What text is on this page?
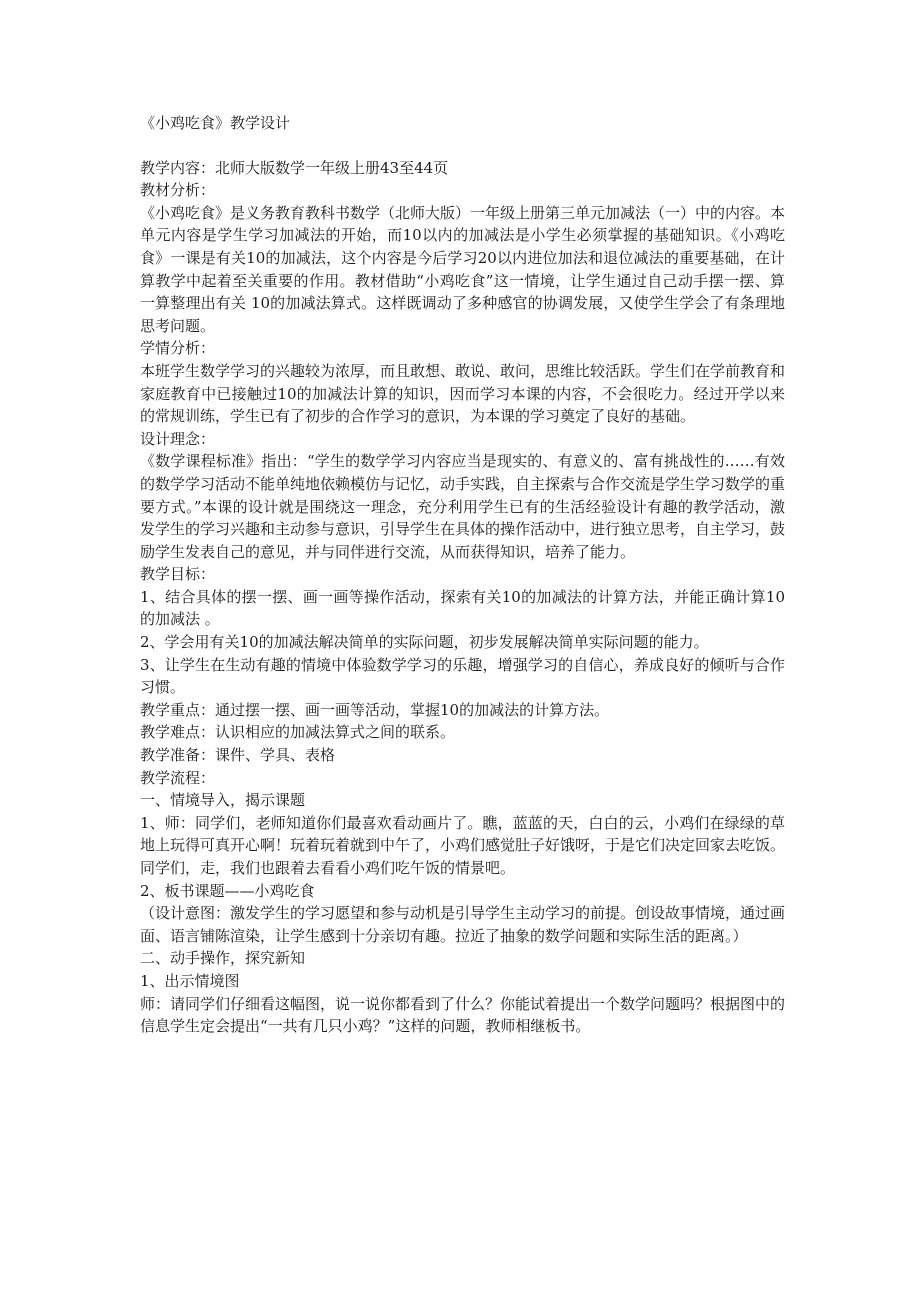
《小鸡吃食》教学设计

教学内容：北师大版数学一年级上册43至44页

教材分析：

《小鸡吃食》是义务教育教科书数学（北师大版）一年级上册第三单元加减法（一）中的内容。本单元内容是学生学习加减法的开始，而10以内的加减法是小学生必须掌握的基础知识。《小鸡吃食》一课是有关10的加减法，这个内容是今后学习20以内进位加法和退位减法的重要基础，在计算教学中起着至关重要的作用。教材借助“小鸡吃食”这一情境，让学生通过自己动手摆一摆、算一算整理出有关 10的加减法算式。这样既调动了多种感官的协调发展，又使学生学会了有条理地思考问题。

学情分析：

本班学生数学学习的兴趣较为浓厚，而且敢想、敢说、敢问，思维比较活跃。学生们在学前教育和家庭教育中已接触过10的加减法计算的知识，因而学习本课的内容，不会很吃力。经过开学以来的常规训练，学生已有了初步的合作学习的意识，为本课的学习奠定了良好的基础。

设计理念：

《数学课程标准》指出：“学生的数学学习内容应当是现实的、有意义的、富有挑战性的……有效的数学学习活动不能单纯地依赖模仿与记忆，动手实践，自主探索与合作交流是学生学习数学的重要方式。”本课的设计就是围绕这一理念，充分利用学生已有的生活经验设计有趣的教学活动，激发学生的学习兴趣和主动参与意识，引导学生在具体的操作活动中，进行独立思考，自主学习，鼓励学生发表自己的意见，并与同伴进行交流，从而获得知识，培养了能力。

教学目标：

1、结合具体的摆一摆、画一画等操作活动，探索有关10的加减法的计算方法，并能正确计算10的加减法 。

2、学会用有关10的加减法解决简单的实际问题，初步发展解决简单实际问题的能力。

3、让学生在生动有趣的情境中体验数学学习的乐趣，增强学习的自信心，养成良好的倾听与合作习惯。

教学重点：通过摆一摆、画一画等活动，掌握10的加减法的计算方法。

教学难点：认识相应的加减法算式之间的联系。

教学准备：课件、学具、表格

教学流程：

一、情境导入，揭示课题

1、师：同学们，老师知道你们最喜欢看动画片了。瞧，蓝蓝的天，白白的云，小鸡们在绿绿的草地上玩得可真开心啊！玩着玩着就到中午了，小鸡们感觉肚子好饿呀，于是它们决定回家去吃饭。同学们，走，我们也跟着去看看小鸡们吃午饭的情景吧。

2、板书课题——小鸡吃食

（设计意图：激发学生的学习愿望和参与动机是引导学生主动学习的前提。创设故事情境，通过画面、语言铺陈渲染，让学生感到十分亲切有趣。拉近了抽象的数学问题和实际生活的距离。）

二、动手操作，探究新知

1、出示情境图

师：请同学们仔细看这幅图，说一说你都看到了什么？你能试着提出一个数学问题吗？根据图中的信息学生定会提出“一共有几只小鸡？”这样的问题，教师相继板书。
